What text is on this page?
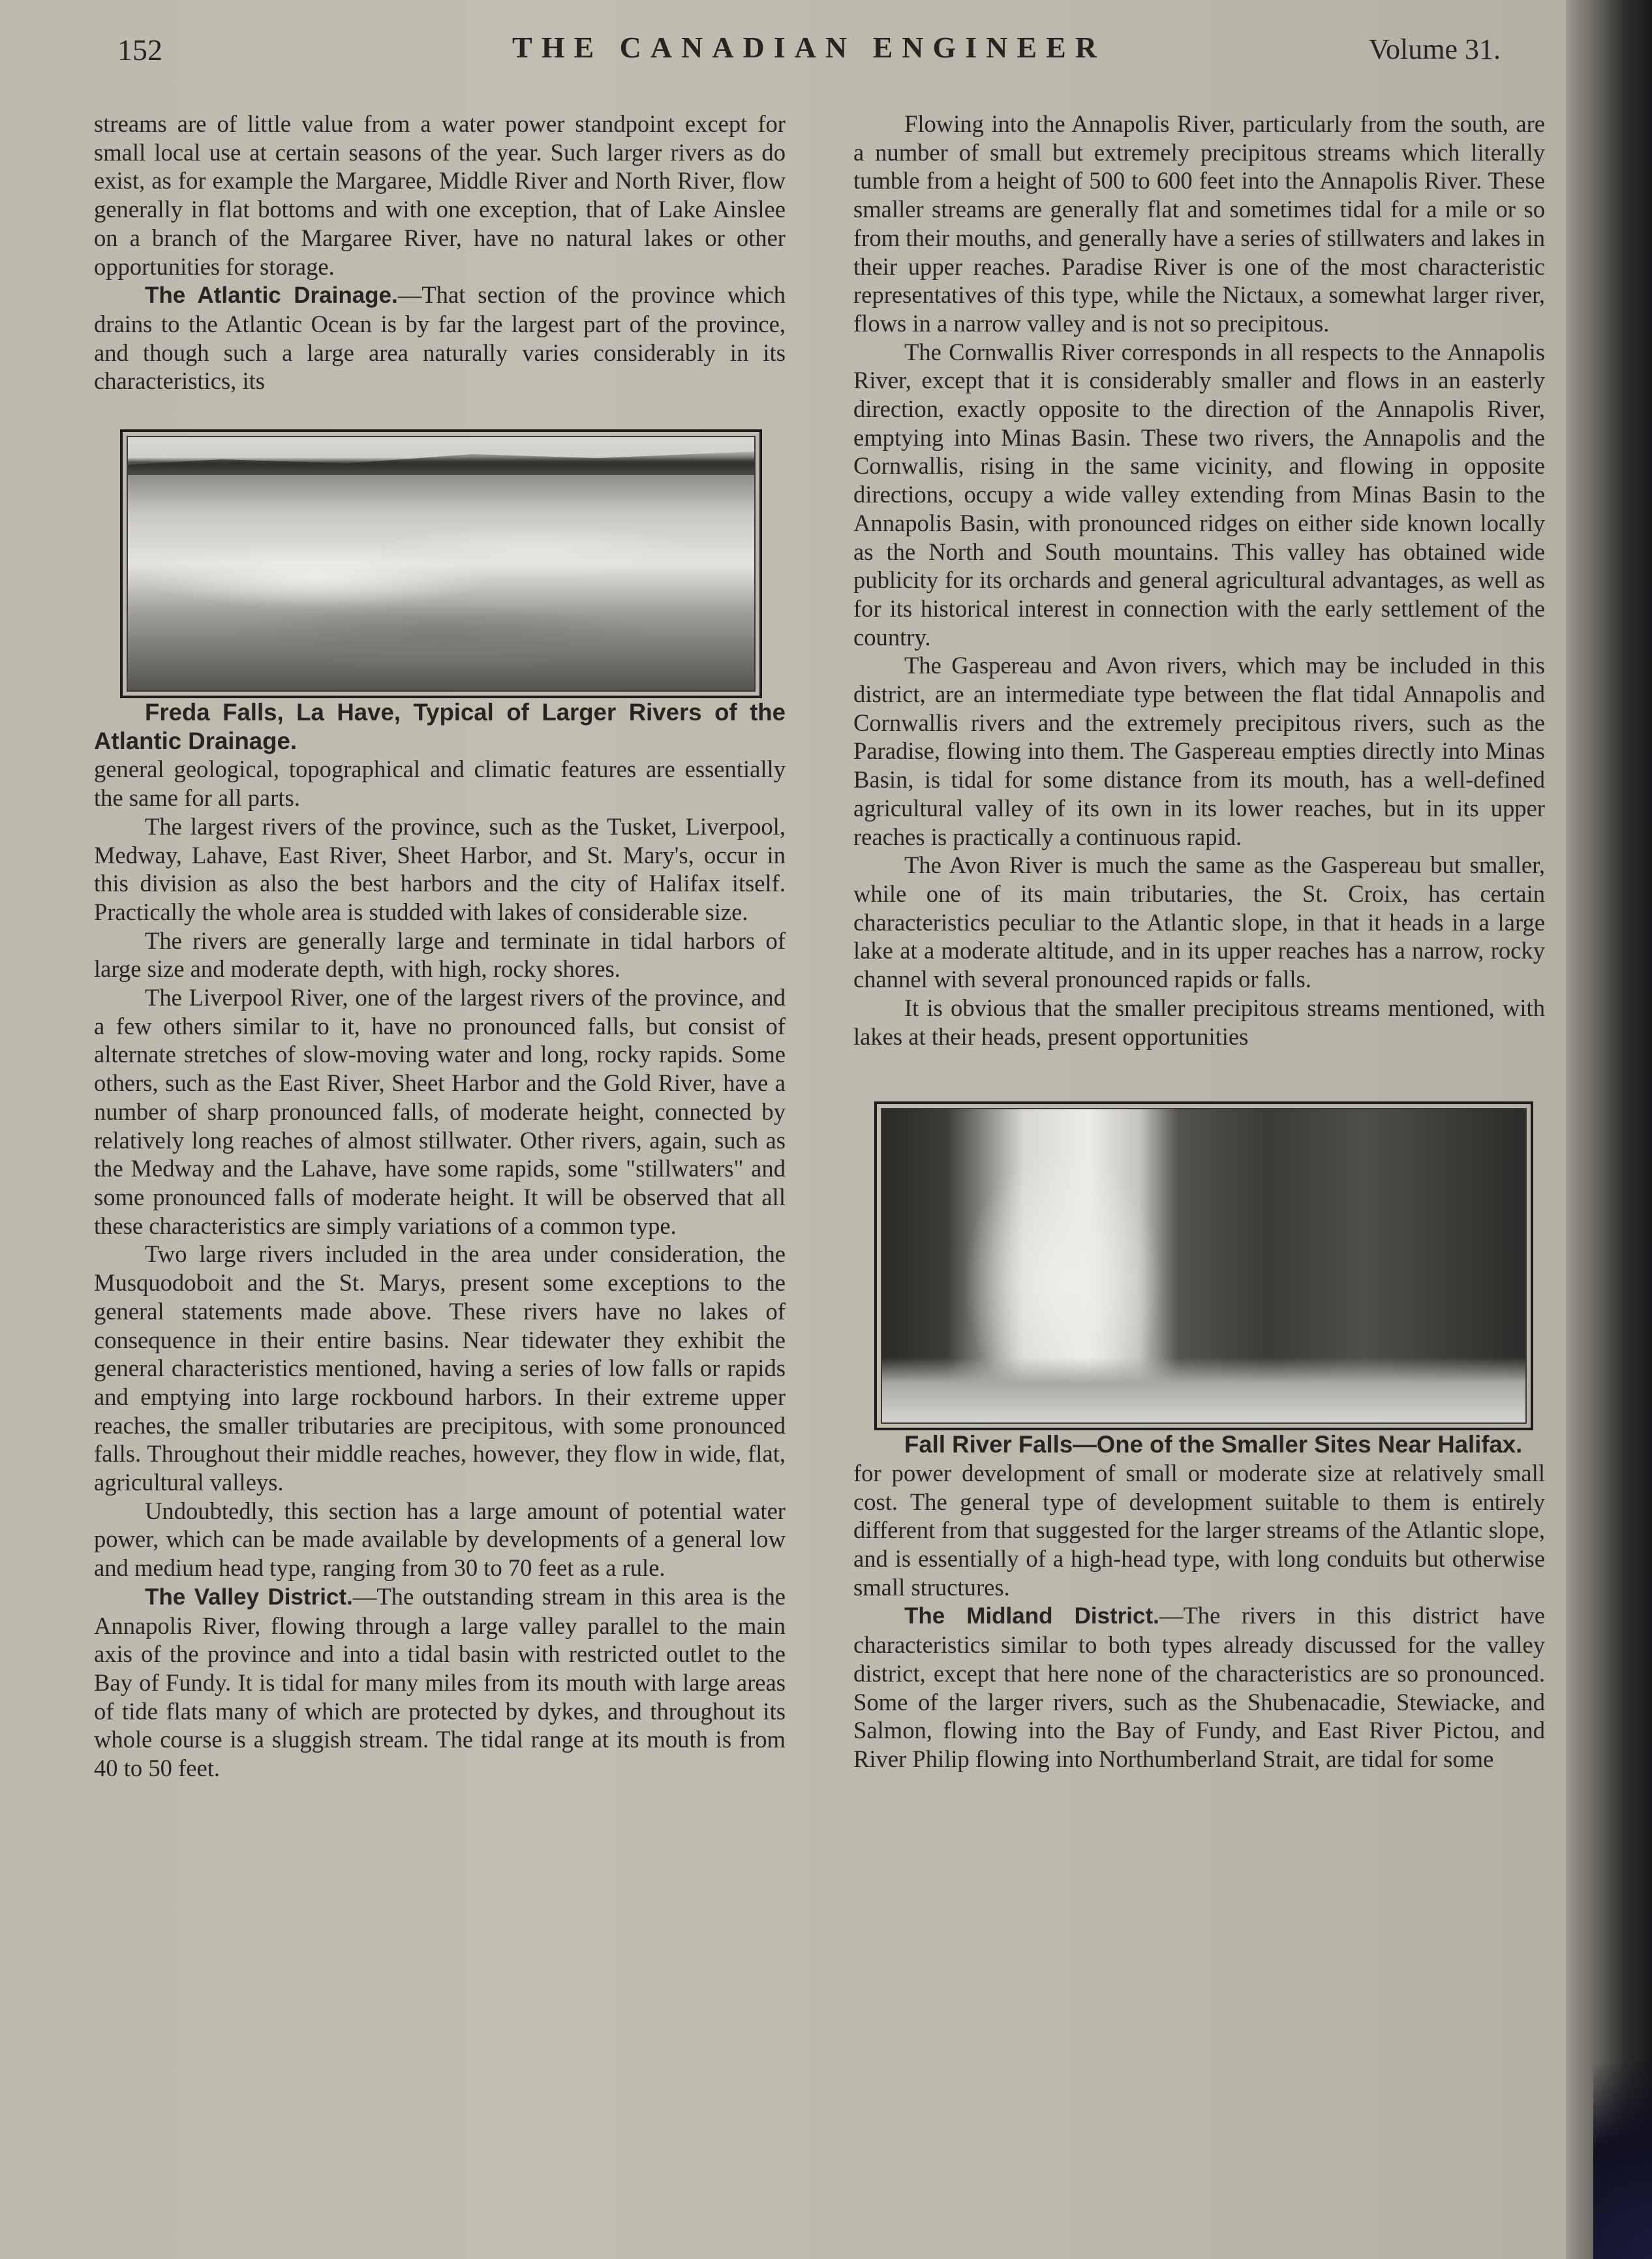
152	THE CANADIAN ENGINEER	Volume 31.

streams are of little value from a water power standpoint except for small local use at certain seasons of the year. Such larger rivers as do exist, as for example the Margaree, Middle River and North River, flow generally in flat bottoms and with one exception, that of Lake Ainslee on a branch of the Margaree River, have no natural lakes or other opportunities for storage.

The Atlantic Drainage.—That section of the province which drains to the Atlantic Ocean is by far the largest part of the province, and though such a large area naturally varies considerably in its characteristics, its

Freda Falls, La Have, Typical of Larger Rivers of the Atlantic Drainage.

general geological, topographical and climatic features are essentially the same for all parts.

The largest rivers of the province, such as the Tusket, Liverpool, Medway, Lahave, East River, Sheet Harbor, and St. Mary's, occur in this division as also the best harbors and the city of Halifax itself. Practically the whole area is studded with lakes of considerable size.

The rivers are generally large and terminate in tidal harbors of large size and moderate depth, with high, rocky shores.

The Liverpool River, one of the largest rivers of the province, and a few others similar to it, have no pronounced falls, but consist of alternate stretches of slow-moving water and long, rocky rapids. Some others, such as the East River, Sheet Harbor and the Gold River, have a number of sharp pronounced falls, of moderate height, connected by relatively long reaches of almost stillwater. Other rivers, again, such as the Medway and the Lahave, have some rapids, some "stillwaters" and some pronounced falls of moderate height. It will be observed that all these characteristics are simply variations of a common type.

Two large rivers included in the area under consideration, the Musquodoboit and the St. Marys, present some exceptions to the general statements made above. These rivers have no lakes of consequence in their entire basins. Near tidewater they exhibit the general characteristics mentioned, having a series of low falls or rapids and emptying into large rockbound harbors. In their extreme upper reaches, the smaller tributaries are precipitous, with some pronounced falls. Throughout their middle reaches, however, they flow in wide, flat, agricultural valleys.

Undoubtedly, this section has a large amount of potential water power, which can be made available by developments of a general low and medium head type, ranging from 30 to 70 feet as a rule.

The Valley District.—The outstanding stream in this area is the Annapolis River, flowing through a large valley parallel to the main axis of the province and into a tidal basin with restricted outlet to the Bay of Fundy. It is tidal for many miles from its mouth with large areas of tide flats many of which are protected by dykes, and throughout its whole course is a sluggish stream. The tidal range at its mouth is from 40 to 50 feet.

Flowing into the Annapolis River, particularly from the south, are a number of small but extremely precipitous streams which literally tumble from a height of 500 to 600 feet into the Annapolis River. These smaller streams are generally flat and sometimes tidal for a mile or so from their mouths, and generally have a series of stillwaters and lakes in their upper reaches. Paradise River is one of the most characteristic representatives of this type, while the Nictaux, a somewhat larger river, flows in a narrow valley and is not so precipitous.

The Cornwallis River corresponds in all respects to the Annapolis River, except that it is considerably smaller and flows in an easterly direction, exactly opposite to the direction of the Annapolis River, emptying into Minas Basin. These two rivers, the Annapolis and the Cornwallis, rising in the same vicinity, and flowing in opposite directions, occupy a wide valley extending from Minas Basin to the Annapolis Basin, with pronounced ridges on either side known locally as the North and South mountains. This valley has obtained wide publicity for its orchards and general agricultural advantages, as well as for its historical interest in connection with the early settlement of the country.

The Gaspereau and Avon rivers, which may be included in this district, are an intermediate type between the flat tidal Annapolis and Cornwallis rivers and the extremely precipitous rivers, such as the Paradise, flowing into them. The Gaspereau empties directly into Minas Basin, is tidal for some distance from its mouth, has a well-defined agricultural valley of its own in its lower reaches, but in its upper reaches is practically a continuous rapid.

The Avon River is much the same as the Gaspereau but smaller, while one of its main tributaries, the St. Croix, has certain characteristics peculiar to the Atlantic slope, in that it heads in a large lake at a moderate altitude, and in its upper reaches has a narrow, rocky channel with several pronounced rapids or falls.

It is obvious that the smaller precipitous streams mentioned, with lakes at their heads, present opportunities

Fall River Falls—One of the Smaller Sites Near Halifax.

for power development of small or moderate size at relatively small cost. The general type of development suitable to them is entirely different from that suggested for the larger streams of the Atlantic slope, and is essentially of a high-head type, with long conduits but otherwise small structures.

The Midland District.—The rivers in this district have characteristics similar to both types already discussed for the valley district, except that here none of the characteristics are so pronounced. Some of the larger rivers, such as the Shubenacadie, Stewiacke, and Salmon, flowing into the Bay of Fundy, and East River Pictou, and River Philip flowing into Northumberland Strait, are tidal for some
